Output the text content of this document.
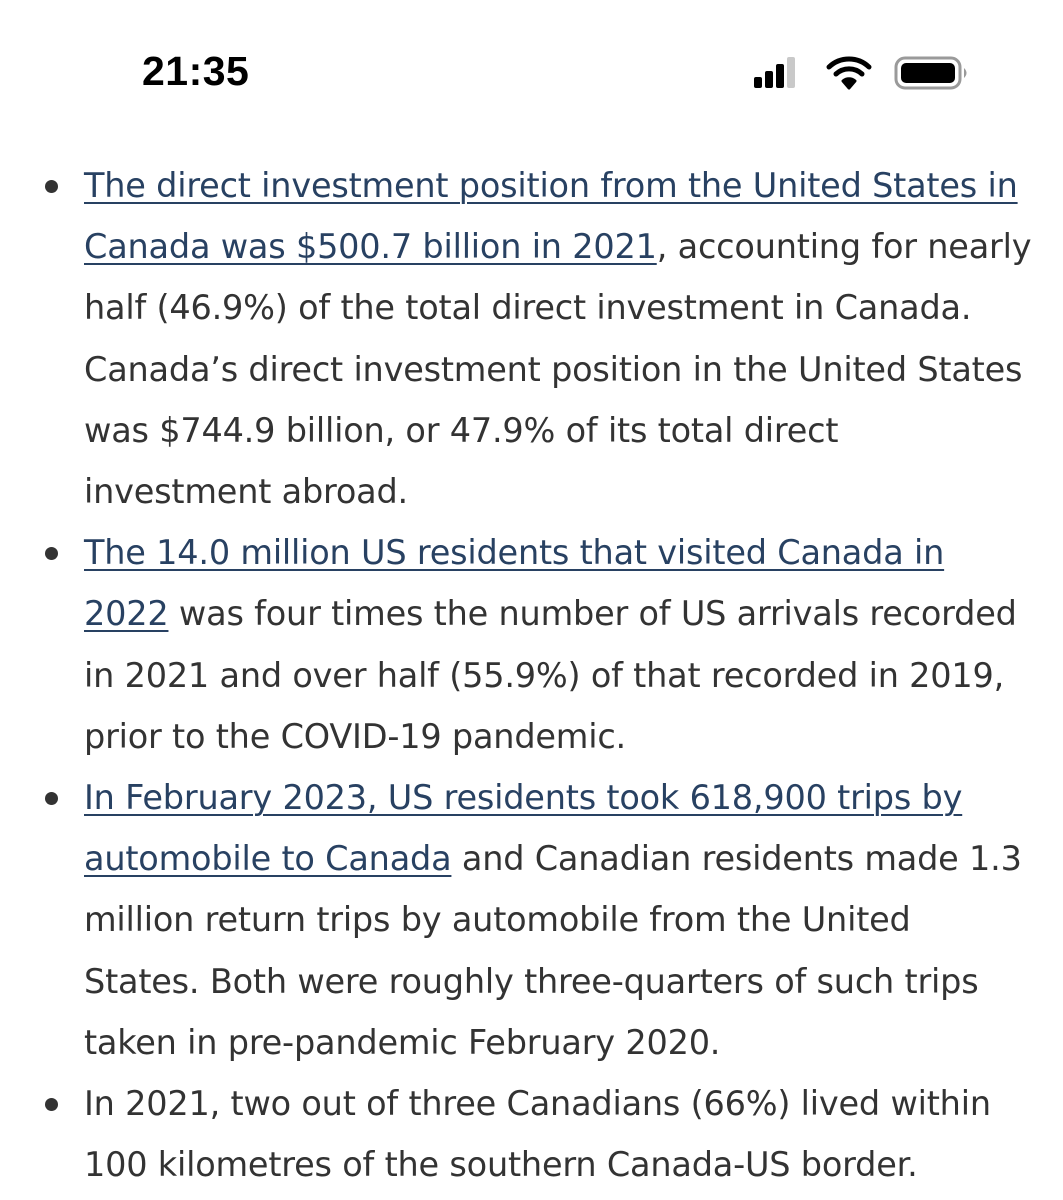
21:35
The direct investment position from the United States in Canada was $500.7 billion in 2021, accounting for nearly half (46.9%) of the total direct investment in Canada. Canada’s direct investment position in the United States was $744.9 billion, or 47.9% of its total direct investment abroad.
The 14.0 million US residents that visited Canada in 2022 was four times the number of US arrivals recorded in 2021 and over half (55.9%) of that recorded in 2019, prior to the COVID-19 pandemic.
In February 2023, US residents took 618,900 trips by automobile to Canada and Canadian residents made 1.3 million return trips by automobile from the United States. Both were roughly three-quarters of such trips taken in pre-pandemic February 2020.
In 2021, two out of three Canadians (66%) lived within 100 kilometres of the southern Canada-US border.
